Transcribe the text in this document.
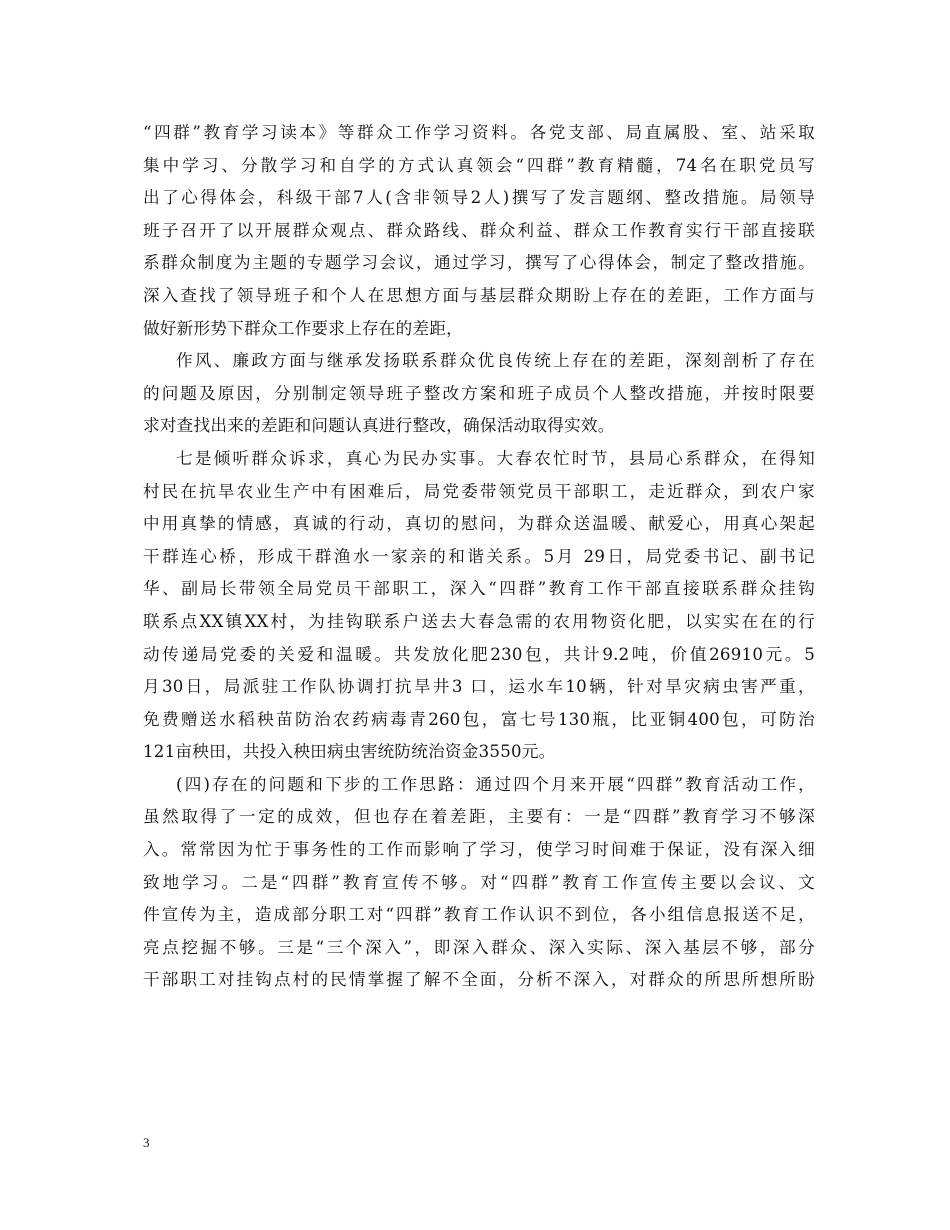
“四群”教育学习读本》等群众工作学习资料。各党支部、局直属股、室、站采取
集中学习、分散学习和自学的方式认真领会“四群”教育精髓，74名在职党员写
出了心得体会，科级干部7人(含非领导2人)撰写了发言题纲、整改措施。局领导
班子召开了以开展群众观点、群众路线、群众利益、群众工作教育实行干部直接联
系群众制度为主题的专题学习会议，通过学习，撰写了心得体会，制定了整改措施。
深入查找了领导班子和个人在思想方面与基层群众期盼上存在的差距，工作方面与
做好新形势下群众工作要求上存在的差距，
作风、廉政方面与继承发扬联系群众优良传统上存在的差距，深刻剖析了存在
的问题及原因，分别制定领导班子整改方案和班子成员个人整改措施，并按时限要
求对查找出来的差距和问题认真进行整改，确保活动取得实效。
七是倾听群众诉求，真心为民办实事。大春农忙时节，县局心系群众，在得知
村民在抗旱农业生产中有困难后，局党委带领党员干部职工，走近群众，到农户家
中用真挚的情感，真诚的行动，真切的慰问，为群众送温暖、献爱心，用真心架起
干群连心桥，形成干群渔水一家亲的和谐关系。5月 29日，局党委书记、副书记
华、副局长带领全局党员干部职工，深入“四群”教育工作干部直接联系群众挂钩
联系点XX镇XX村，为挂钩联系户送去大春急需的农用物资化肥，以实实在在的行
动传递局党委的关爱和温暖。共发放化肥230包，共计9.2吨，价值26910元。5
月30日，局派驻工作队协调打抗旱井3 口，运水车10辆，针对旱灾病虫害严重，
免费赠送水稻秧苗防治农药病毒青260包，富七号130瓶，比亚铜400包，可防治
121亩秧田，共投入秧田病虫害统防统治资金3550元。
(四)存在的问题和下步的工作思路：通过四个月来开展“四群”教育活动工作，
虽然取得了一定的成效，但也存在着差距，主要有：一是“四群”教育学习不够深
入。常常因为忙于事务性的工作而影响了学习，使学习时间难于保证，没有深入细
致地学习。二是“四群”教育宣传不够。对“四群”教育工作宣传主要以会议、文
件宣传为主，造成部分职工对“四群”教育工作认识不到位，各小组信息报送不足，
亮点挖掘不够。三是“三个深入”，即深入群众、深入实际、深入基层不够，部分
干部职工对挂钩点村的民情掌握了解不全面，分析不深入，对群众的所思所想所盼
3
